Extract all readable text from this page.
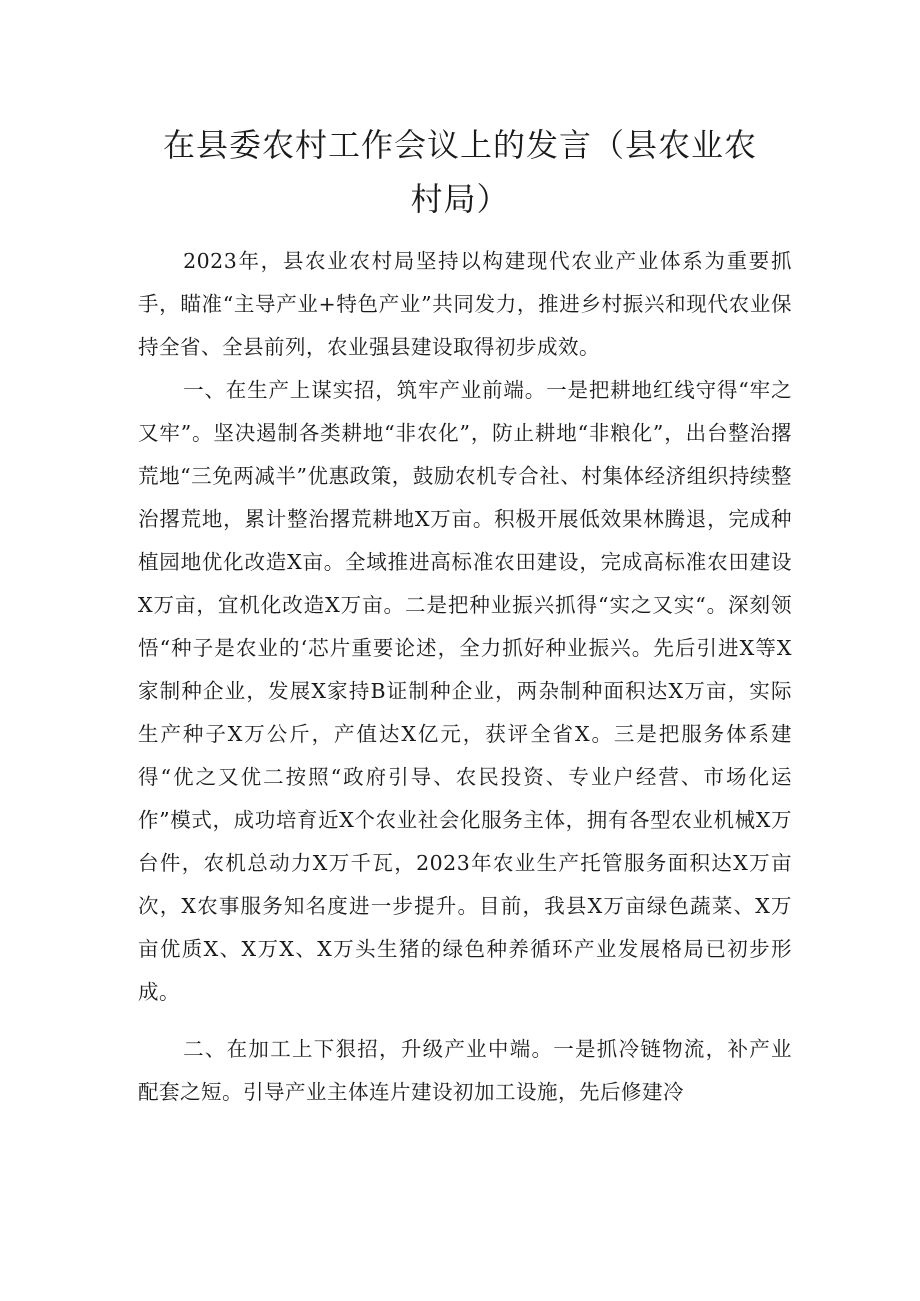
在县委农村工作会议上的发言（县农业农
村局）

2023年，县农业农村局坚持以构建现代农业产业体系为重要抓手，瞄准“主导产业+特色产业”共同发力，推进乡村振兴和现代农业保持全省、全县前列，农业强县建设取得初步成效。

一、在生产上谋实招，筑牢产业前端。一是把耕地红线守得“牢之又牢”。坚决遏制各类耕地“非农化”，防止耕地“非粮化”，出台整治撂荒地“三免两减半”优惠政策，鼓励农机专合社、村集体经济组织持续整治撂荒地，累计整治撂荒耕地X万亩。积极开展低效果林腾退，完成种植园地优化改造X亩。全域推进高标准农田建设，完成高标准农田建设X万亩，宜机化改造X万亩。二是把种业振兴抓得“实之又实“。深刻领悟“种子是农业的‘芯片重要论述，全力抓好种业振兴。先后引进X等X家制种企业，发展X家持B证制种企业，两杂制种面积达X万亩，实际生产种子X万公斤，产值达X亿元，获评全省X。三是把服务体系建得“优之又优二按照“政府引导、农民投资、专业户经营、市场化运作”模式，成功培育近X个农业社会化服务主体，拥有各型农业机械X万台件，农机总动力X万千瓦，2023年农业生产托管服务面积达X万亩次，X农事服务知名度进一步提升。目前，我县X万亩绿色蔬菜、X万亩优质X、X万X、X万头生猪的绿色种养循环产业发展格局已初步形成。

二、在加工上下狠招，升级产业中端。一是抓冷链物流，补产业配套之短。引导产业主体连片建设初加工设施，先后修建冷
